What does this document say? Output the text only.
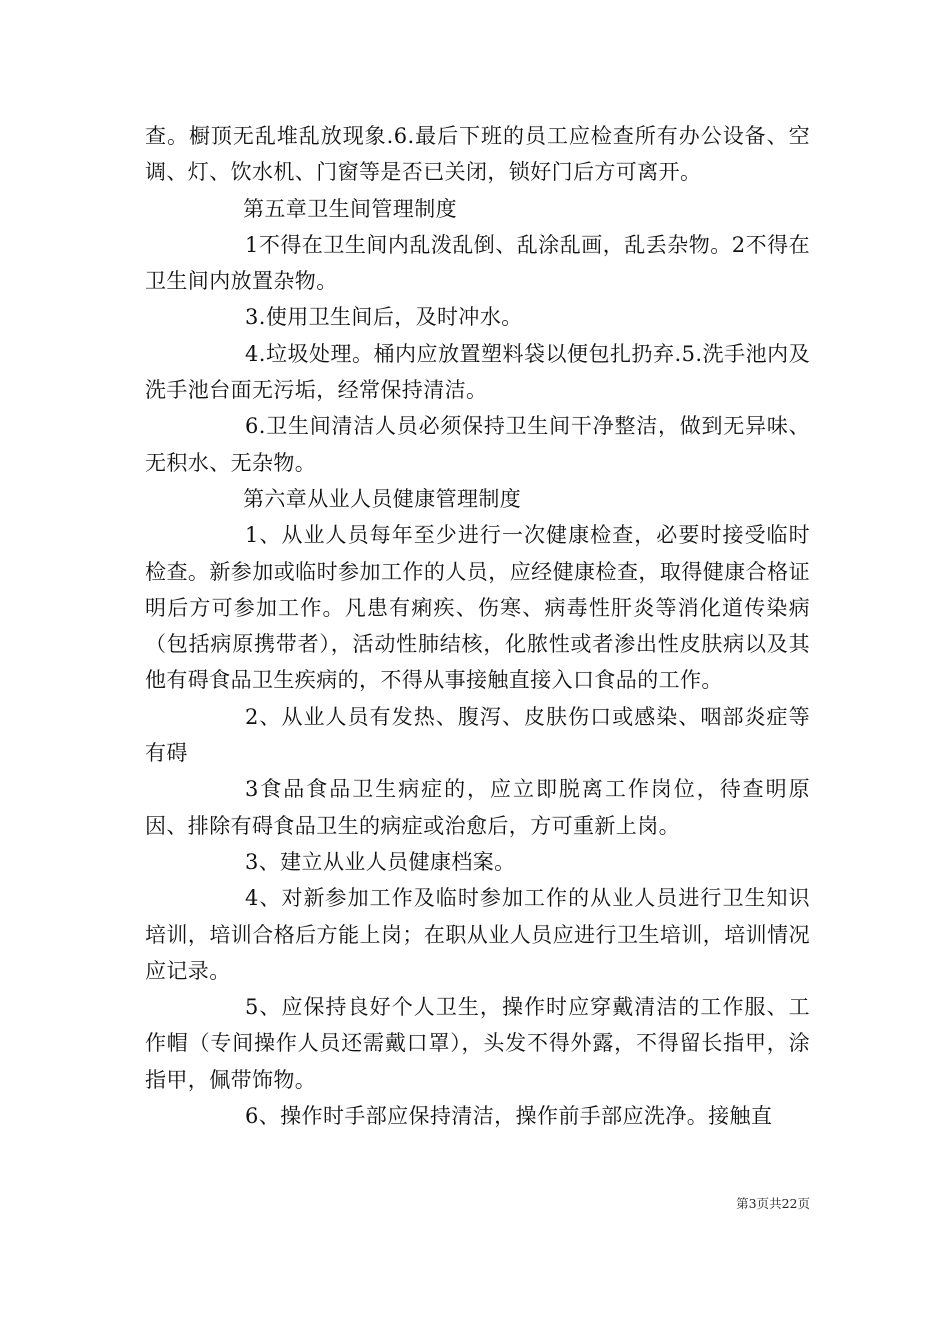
查。橱顶无乱堆乱放现象.6.最后下班的员工应检查所有办公设备、空调、灯、饮水机、门窗等是否已关闭，锁好门后方可离开。

第五章卫生间管理制度

1不得在卫生间内乱泼乱倒、乱涂乱画，乱丢杂物。2不得在卫生间内放置杂物。

3.使用卫生间后，及时冲水。

4.垃圾处理。桶内应放置塑料袋以便包扎扔弃.5.洗手池内及洗手池台面无污垢，经常保持清洁。

6.卫生间清洁人员必须保持卫生间干净整洁，做到无异味、无积水、无杂物。

第六章从业人员健康管理制度

1、从业人员每年至少进行一次健康检查，必要时接受临时检查。新参加或临时参加工作的人员，应经健康检查，取得健康合格证明后方可参加工作。凡患有痢疾、伤寒、病毒性肝炎等消化道传染病（包括病原携带者），活动性肺结核，化脓性或者渗出性皮肤病以及其他有碍食品卫生疾病的，不得从事接触直接入口食品的工作。

2、从业人员有发热、腹泻、皮肤伤口或感染、咽部炎症等有碍

3食品食品卫生病症的，应立即脱离工作岗位，待查明原因、排除有碍食品卫生的病症或治愈后，方可重新上岗。

3、建立从业人员健康档案。

4、对新参加工作及临时参加工作的从业人员进行卫生知识培训，培训合格后方能上岗；在职从业人员应进行卫生培训，培训情况应记录。

5、应保持良好个人卫生，操作时应穿戴清洁的工作服、工作帽（专间操作人员还需戴口罩），头发不得外露，不得留长指甲，涂指甲，佩带饰物。

6、操作时手部应保持清洁，操作前手部应洗净。接触直

第3页共22页
